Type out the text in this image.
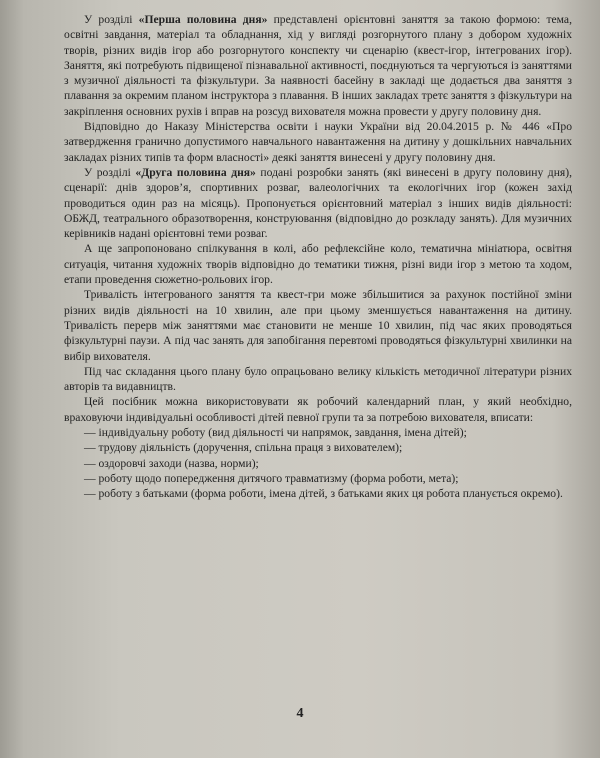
У розділі «Перша половина дня» представлені орієнтовні заняття за такою формою: тема, освітні завдання, матеріал та обладнання, хід у вигляді розгорнутого плану з добором художніх творів, різних видів ігор або розгорнутого конспекту чи сценарію (квест-ігор, інтегрованих ігор). Заняття, які потребують підвищеної пізнавальної активності, поєднуються та чергуються із заняттями з музичної діяльності та фізкультури. За наявності басейну в закладі ще додається два заняття з плавання за окремим планом інструктора з плавання. В інших закладах третє заняття з фізкультури на закріплення основних рухів і вправ на розсуд вихователя можна провести у другу половину дня.

Відповідно до Наказу Міністерства освіти і науки України від 20.04.2015 р. № 446 «Про затвердження гранично допустимого навчального навантаження на дитину у дошкільних навчальних закладах різних типів та форм власності» деякі заняття винесені у другу половину дня.

У розділі «Друга половина дня» подані розробки занять (які винесені в другу половину дня), сценарії: днів здоров’я, спортивних розваг, валеологічних та екологічних ігор (кожен захід проводиться один раз на місяць). Пропонується орієнтовний матеріал з інших видів діяльності: ОБЖД, театрального образотворення, конструювання (відповідно до розкладу занять). Для музичних керівників надані орієнтовні теми розваг.

А ще запропоновано спілкування в колі, або рефлексійне коло, тематична мініатюра, освітня ситуація, читання художніх творів відповідно до тематики тижня, різні види ігор з метою та ходом, етапи проведення сюжетно-рольових ігор.

Тривалість інтегрованого заняття та квест-гри може збільшитися за рахунок постійної зміни різних видів діяльності на 10 хвилин, але при цьому зменшується навантаження на дитину. Тривалість перерв між заняттями має становити не менше 10 хвилин, під час яких проводяться фізкультурні паузи. А під час занять для запобігання перевтомі проводяться фізкультурні хвилинки на вибір вихователя.

Під час складання цього плану було опрацьовано велику кількість методичної літератури різних авторів та видавництв.

Цей посібник можна використовувати як робочий календарний план, у який необхідно, враховуючи індивідуальні особливості дітей певної групи та за потребою вихователя, вписати:

— індивідуальну роботу (вид діяльності чи напрямок, завдання, імена дітей);

— трудову діяльність (доручення, спільна праця з вихователем);

— оздоровчі заходи (назва, норми);

— роботу щодо попередження дитячого травматизму (форма роботи, мета);

— роботу з батьками (форма роботи, імена дітей, з батьками яких ця робота планується окремо).

4
